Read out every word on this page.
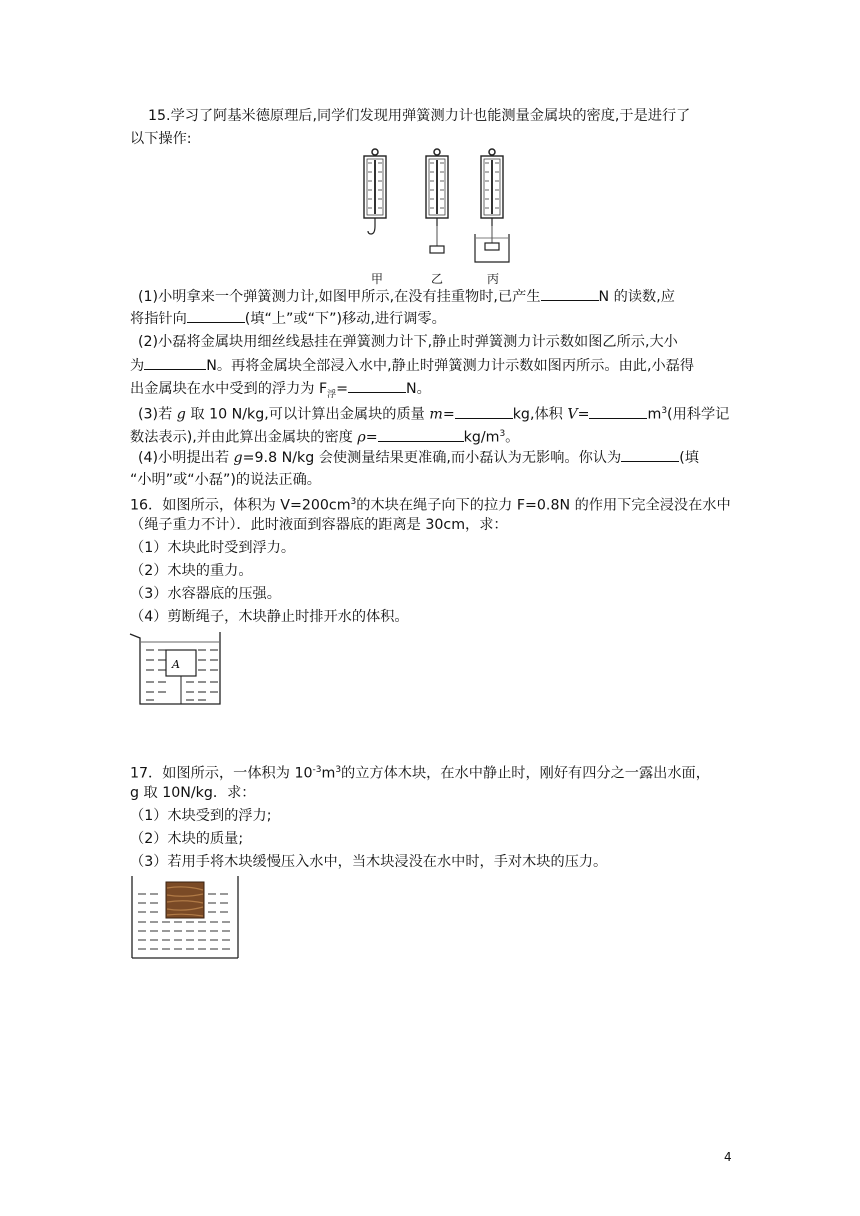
15.学习了阿基米德原理后,同学们发现用弹簧测力计也能测量金属块的密度,于是进行了
以下操作:
甲	乙	丙
(1)小明拿来一个弹簧测力计,如图甲所示,在没有挂重物时,已产生	N 的读数,应
将指针向	(填“上”或“下”)移动,进行调零。
(2)小磊将金属块用细丝线悬挂在弹簧测力计下,静止时弹簧测力计示数如图乙所示,大小
为	N。再将金属块全部浸入水中,静止时弹簧测力计示数如图丙所示。由此,小磊得
出金属块在水中受到的浮力为 $F_浮=$	N。
(3)若 g 取 10 N/kg,可以计算出金属块的质量 m=	kg,体积 V=	$m^3$(用科学记
数法表示),并由此算出金属块的密度 ρ=	$kg/m^3$。
(4)小明提出若 g=9.8 N/kg 会使测量结果更准确,而小磊认为无影响。你认为	(填
“小明”或“小磊”)的说法正确。
16．如图所示，体积为 $V=200cm^3$的木块在绳子向下的拉力 F=0.8N 的作用下完全浸没在水中
（绳子重力不计）．此时液面到容器底的距离是 30cm，求：
（1）木块此时受到浮力。
（2）木块的重力。
（3）水容器底的压强。
（4）剪断绳子，木块静止时排开水的体积。
A
17．如图所示，一体积为 $10^{-3}m^3$的立方体木块，在水中静止时，刚好有四分之一露出水面，
g 取 10N/kg．求：
（1）木块受到的浮力;
（2）木块的质量;
（3）若用手将木块缓慢压入水中，当木块浸没在水中时，手对木块的压力。
4
